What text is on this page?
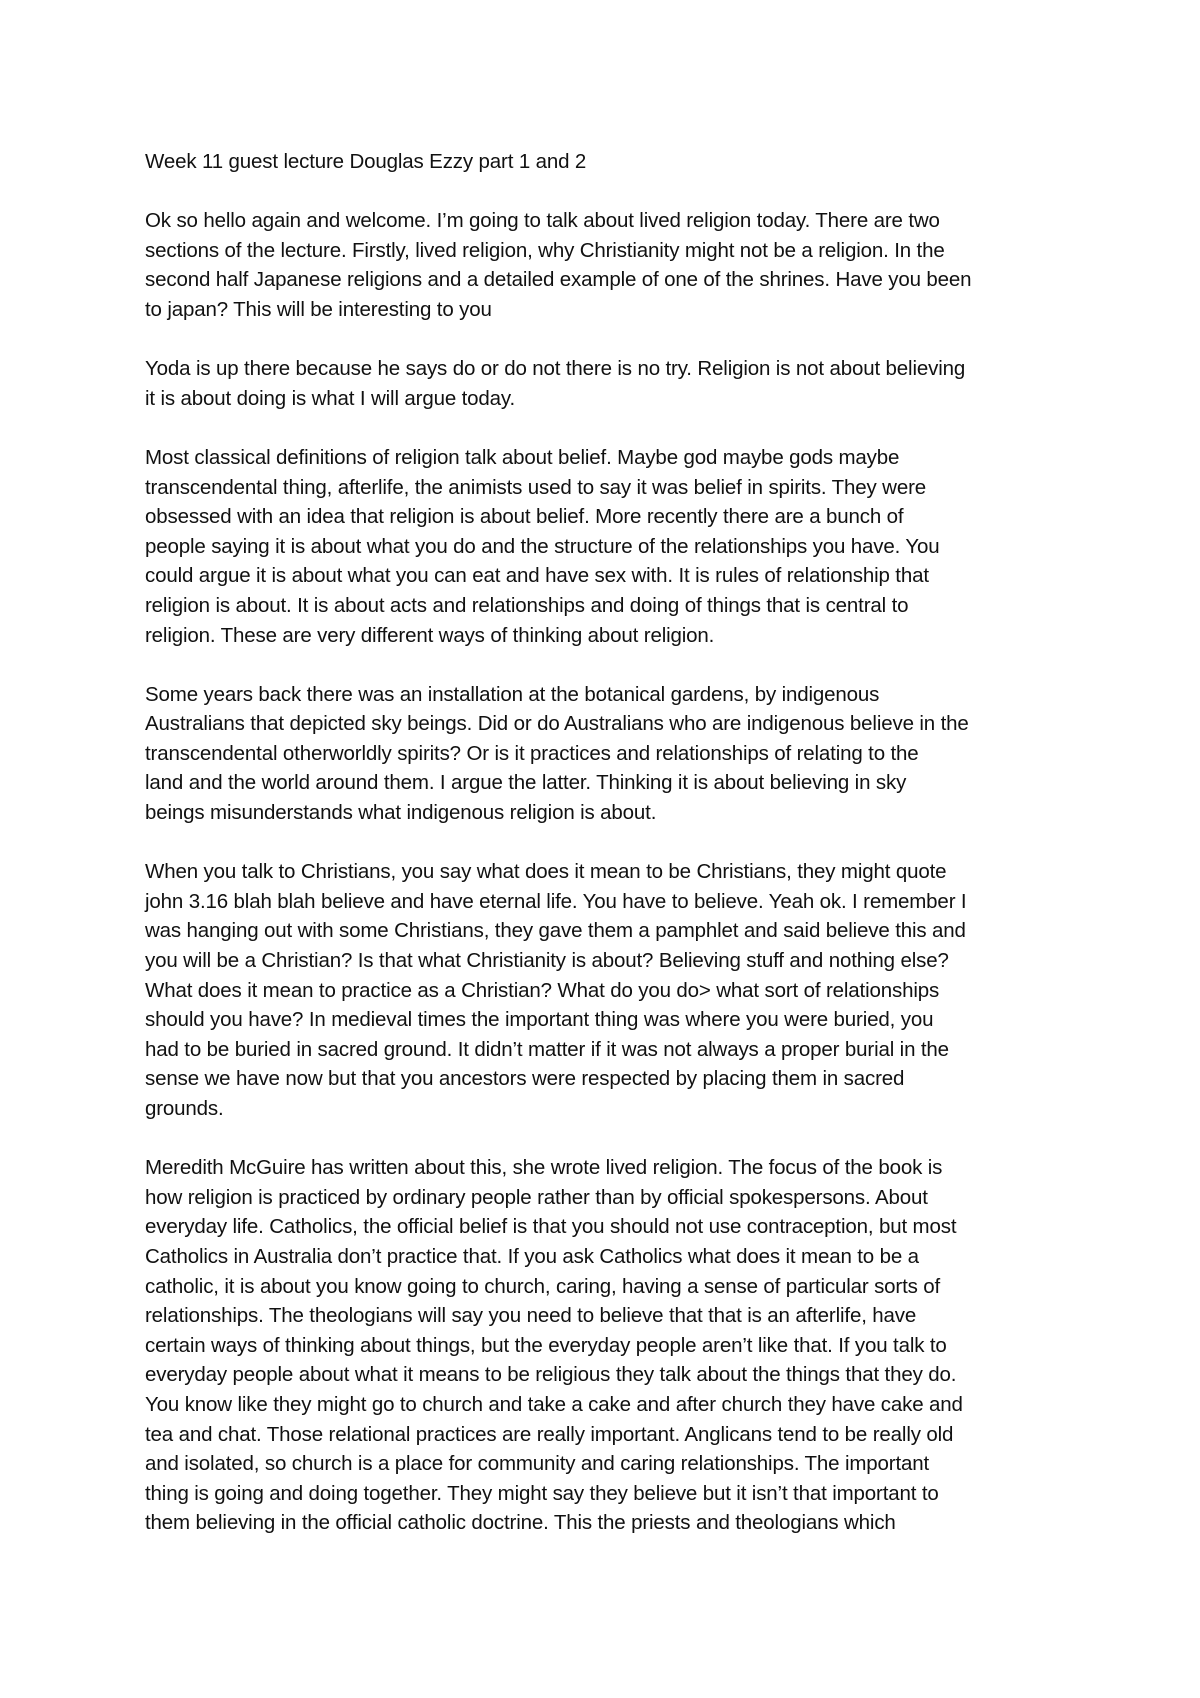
Week 11 guest lecture Douglas Ezzy part 1 and 2
Ok so hello again and welcome. I’m going to talk about lived religion today. There are two
sections of the lecture. Firstly, lived religion, why Christianity might not be a religion. In the
second half Japanese religions and a detailed example of one of the shrines. Have you been
to japan? This will be interesting to you
Yoda is up there because he says do or do not there is no try. Religion is not about believing
it is about doing is what I will argue today.
Most classical definitions of religion talk about belief. Maybe god maybe gods maybe
transcendental thing, afterlife, the animists used to say it was belief in spirits. They were
obsessed with an idea that religion is about belief. More recently there are a bunch of
people saying it is about what you do and the structure of the relationships you have. You
could argue it is about what you can eat and have sex with. It is rules of relationship that
religion is about. It is about acts and relationships and doing of things that is central to
religion. These are very different ways of thinking about religion.
Some years back there was an installation at the botanical gardens, by indigenous
Australians that depicted sky beings. Did or do Australians who are indigenous believe in the
transcendental otherworldly spirits? Or is it practices and relationships of relating to the
land and the world around them. I argue the latter. Thinking it is about believing in sky
beings misunderstands what indigenous religion is about.
When you talk to Christians, you say what does it mean to be Christians, they might quote
john 3.16 blah blah believe and have eternal life. You have to believe. Yeah ok. I remember I
was hanging out with some Christians, they gave them a pamphlet and said believe this and
you will be a Christian? Is that what Christianity is about? Believing stuff and nothing else?
What does it mean to practice as a Christian? What do you do> what sort of relationships
should you have? In medieval times the important thing was where you were buried, you
had to be buried in sacred ground. It didn’t matter if it was not always a proper burial in the
sense we have now but that you ancestors were respected by placing them in sacred
grounds.
Meredith McGuire has written about this, she wrote lived religion. The focus of the book is
how religion is practiced by ordinary people rather than by official spokespersons. About
everyday life. Catholics, the official belief is that you should not use contraception, but most
Catholics in Australia don’t practice that. If you ask Catholics what does it mean to be a
catholic, it is about you know going to church, caring, having a sense of particular sorts of
relationships. The theologians will say you need to believe that that is an afterlife, have
certain ways of thinking about things, but the everyday people aren’t like that. If you talk to
everyday people about what it means to be religious they talk about the things that they do.
You know like they might go to church and take a cake and after church they have cake and
tea and chat. Those relational practices are really important. Anglicans tend to be really old
and isolated, so church is a place for community and caring relationships. The important
thing is going and doing together. They might say they believe but it isn’t that important to
them believing in the official catholic doctrine. This the priests and theologians which
